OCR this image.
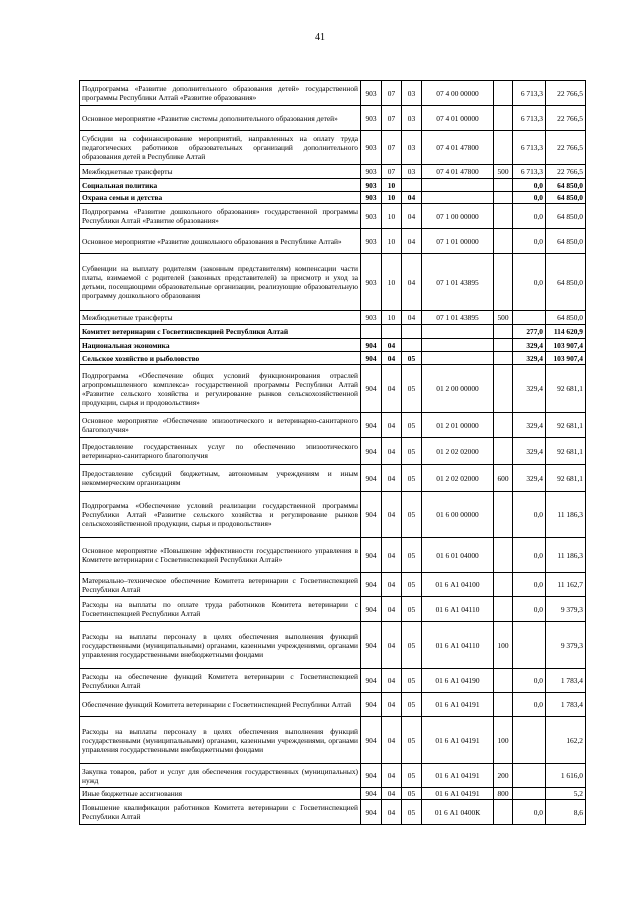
41
Подпрограмма «Развитие дополнительного образования детей» государственной программы Республики Алтай «Развитие образования»	903	07	03	07 4 00 00000		6 713,3	22 766,5
Основное мероприятие «Развитие системы дополнительного образования детей»	903	07	03	07 4 01 00000		6 713,3	22 766,5
Субсидии на софинансирование мероприятий, направленных на оплату труда педагогических работников образовательных организаций дополнительного образования детей в Республике Алтай	903	07	03	07 4 01 47800		6 713,3	22 766,5
Межбюджетные трансферты	903	07	03	07 4 01 47800	500	6 713,3	22 766,5
Социальная политика	903	10				0,0	64 850,0
Охрана семьи и детства	903	10	04			0,0	64 850,0
Подпрограмма «Развитие дошкольного образования» государственной программы Республики Алтай «Развитие образования»	903	10	04	07 1 00 00000		0,0	64 850,0
Основное мероприятие «Развитие дошкольного образования в Республике Алтай»	903	10	04	07 1 01 00000		0,0	64 850,0
Субвенции на выплату родителям (законным представителям) компенсации части платы, взимаемой с родителей (законных представителей) за присмотр и уход за детьми, посещающими образовательные организации, реализующие образовательную программу дошкольного образования	903	10	04	07 1 01 43895		0,0	64 850,0
Межбюджетные трансферты	903	10	04	07 1 01 43895	500		64 850,0
Комитет ветеринарии с Госветинспекцией Республики Алтай						277,0	114 620,9
Национальная экономика	904	04				329,4	103 907,4
Сельское хозяйство и рыболовство	904	04	05			329,4	103 907,4
Подпрограмма «Обеспечение общих условий функционирования отраслей агропромышленного комплекса» государственной программы Республики Алтай «Развитие сельского хозяйства и регулирование рынков сельскохозяйственной продукции, сырья и продовольствия»	904	04	05	01 2 00 00000		329,4	92 681,1
Основное мероприятие «Обеспечение эпизоотического и ветеринарно-санитарного благополучия»	904	04	05	01 2 01 00000		329,4	92 681,1
Предоставление государственных услуг по обеспечению эпизоотического ветеринарно-санитарного благополучия	904	04	05	01 2 02 02000		329,4	92 681,1
Предоставление субсидий бюджетным, автономным учреждениям и иным некоммерческим организациям	904	04	05	01 2 02 02000	600	329,4	92 681,1
Подпрограмма «Обеспечение условий реализации государственной программы Республики Алтай «Развитие сельского хозяйства и регулирование рынков сельскохозяйственной продукции, сырья и продовольствия»	904	04	05	01 6 00 00000		0,0	11 186,3
Основное мероприятие «Повышение эффективности государственного управления в Комитете ветеринарии с Госветинспекцией Республики Алтай»	904	04	05	01 6 01 04000		0,0	11 186,3
Материально–техническое обеспечение Комитета ветеринарии с Госветинспекцией Республики Алтай	904	04	05	01 6 А1 04100		0,0	11 162,7
Расходы на выплаты по оплате труда работников Комитета ветеринарии с Госветинспекцией Республики Алтай	904	04	05	01 6 А1 04110		0,0	9 379,3
Расходы на выплаты персоналу в целях обеспечения выполнения функций государственными (муниципальными) органами, казенными учреждениями, органами управления государственными внебюджетными фондами	904	04	05	01 6 А1 04110	100		9 379,3
Расходы на обеспечение функций Комитета ветеринарии с Госветинспекцией Республики Алтай	904	04	05	01 6 А1 04190		0,0	1 783,4
Обеспечение функций Комитета ветеринарии с Госветинспекцией Республики Алтай	904	04	05	01 6 А1 04191		0,0	1 783,4
Расходы на выплаты персоналу в целях обеспечения выполнения функций государственными (муниципальными) органами, казенными учреждениями, органами управления государственными внебюджетными фондами	904	04	05	01 6 А1 04191	100		162,2
Закупка товаров, работ и услуг для обеспечения государственных (муниципальных) нужд	904	04	05	01 6 А1 04191	200		1 616,0
Иные бюджетные ассигнования	904	04	05	01 6 А1 04191	800		5,2
Повышение квалификации работников Комитета ветеринарии с Госветинспекцией Республики Алтай	904	04	05	01 6 А1 0400К		0,0	8,6
